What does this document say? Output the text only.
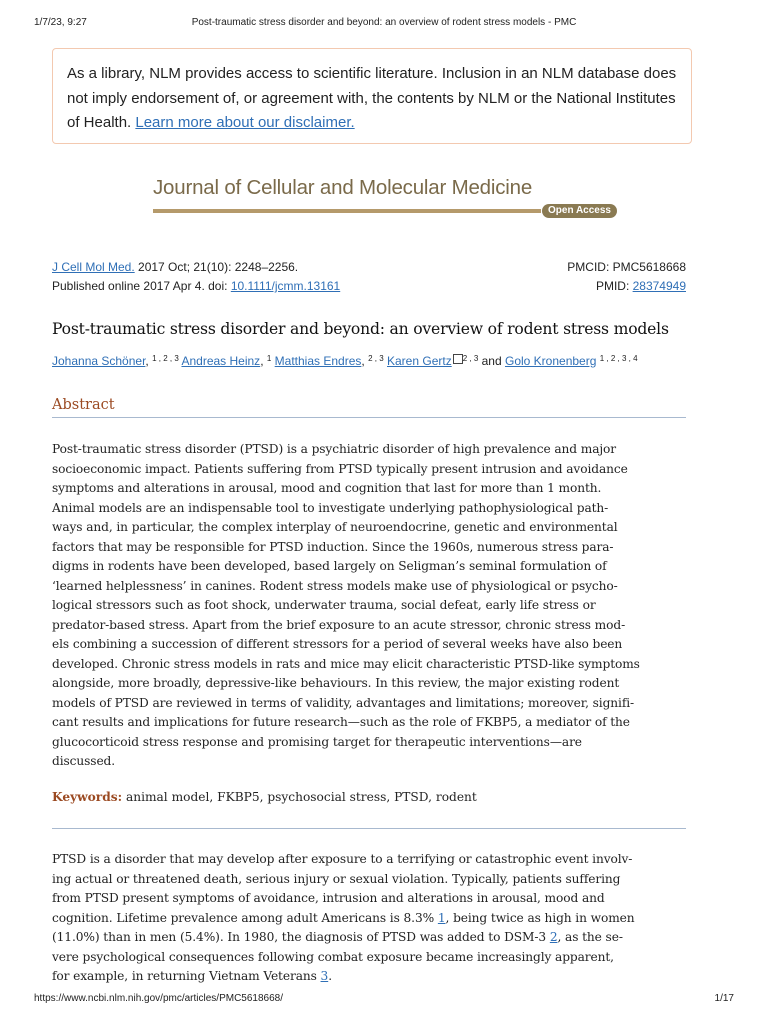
1/7/23, 9:27	Post-traumatic stress disorder and beyond: an overview of rodent stress models - PMC
As a library, NLM provides access to scientific literature. Inclusion in an NLM database does
not imply endorsement of, or agreement with, the contents by NLM or the National Institutes
of Health. Learn more about our disclaimer.
Journal of Cellular and Molecular Medicine
Open Access
J Cell Mol Med. 2017 Oct; 21(10): 2248–2256.	PMCID: PMC5618668
Published online 2017 Apr 4. doi: 10.1111/jcmm.13161	PMID: 28374949
Post-traumatic stress disorder and beyond: an overview of rodent stress models
Johanna Schöner, $^{1 , 2 , 3}$ Andreas Heinz, $^1$ Matthias Endres, $^{2 , 3}$ Karen Gertz $^{2 , 3}$ and Golo Kronenberg $^{1 , 2 , 3 , 4}$
Abstract
Post-traumatic stress disorder (PTSD) is a psychiatric disorder of high prevalence and major
socioeconomic impact. Patients suffering from PTSD typically present intrusion and avoidance
symptoms and alterations in arousal, mood and cognition that last for more than 1 month.
Animal models are an indispensable tool to investigate underlying pathophysiological path-
ways and, in particular, the complex interplay of neuroendocrine, genetic and environmental
factors that may be responsible for PTSD induction. Since the 1960s, numerous stress para-
digms in rodents have been developed, based largely on Seligman’s seminal formulation of
‘learned helplessness’ in canines. Rodent stress models make use of physiological or psycho-
logical stressors such as foot shock, underwater trauma, social defeat, early life stress or
predator-based stress. Apart from the brief exposure to an acute stressor, chronic stress mod-
els combining a succession of different stressors for a period of several weeks have also been
developed. Chronic stress models in rats and mice may elicit characteristic PTSD-like symptoms
alongside, more broadly, depressive-like behaviours. In this review, the major existing rodent
models of PTSD are reviewed in terms of validity, advantages and limitations; moreover, signifi-
cant results and implications for future research—such as the role of FKBP5, a mediator of the
glucocorticoid stress response and promising target for therapeutic interventions—are
discussed.
Keywords: animal model, FKBP5, psychosocial stress, PTSD, rodent
PTSD is a disorder that may develop after exposure to a terrifying or catastrophic event involv-
ing actual or threatened death, serious injury or sexual violation. Typically, patients suffering
from PTSD present symptoms of avoidance, intrusion and alterations in arousal, mood and
cognition. Lifetime prevalence among adult Americans is 8.3% 1, being twice as high in women
(11.0%) than in men (5.4%). In 1980, the diagnosis of PTSD was added to DSM-3 2, as the se-
vere psychological consequences following combat exposure became increasingly apparent,
for example, in returning Vietnam Veterans 3.
https://www.ncbi.nlm.nih.gov/pmc/articles/PMC5618668/	1/17
